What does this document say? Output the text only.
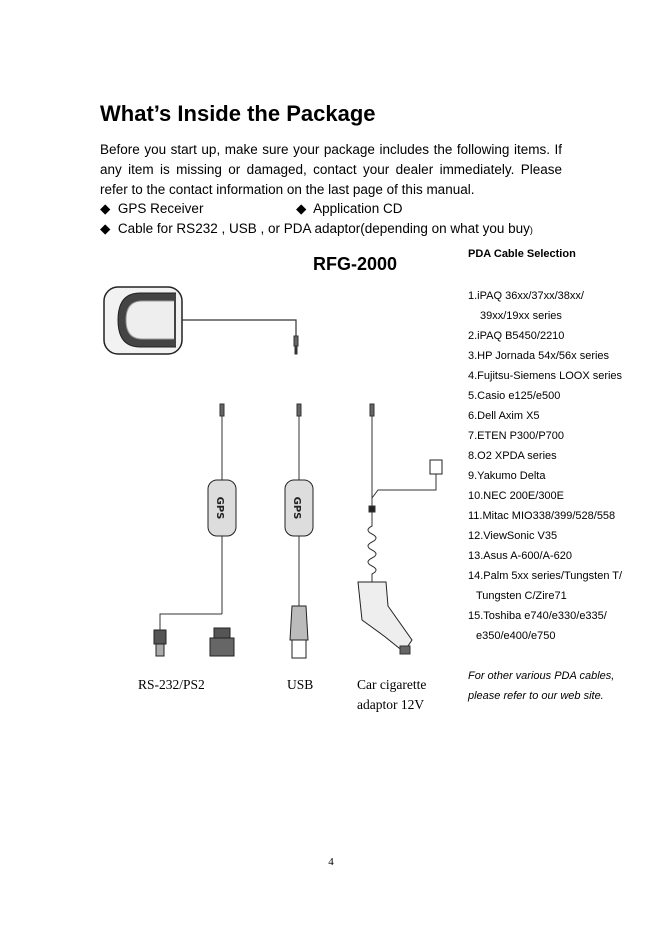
What’s Inside the Package
Before you start up, make sure your package includes the following items. If any item is missing or damaged, contact your dealer immediately. Please refer to the contact information on the last page of this manual.
◆ GPS Receiver	◆ Application CD
◆ Cable for RS232 , USB , or PDA adaptor(depending on what you buy)
RFG-2000
GPS	GPS
RS-232/PS2	USB	Car cigarette
adaptor 12V
PDA Cable Selection
1.iPAQ 36xx/37xx/38xx/
39xx/19xx series
2.iPAQ B5450/2210
3.HP Jornada 54x/56x series
4.Fujitsu-Siemens LOOX series
5.Casio e125/e500
6.Dell Axim X5
7.ETEN P300/P700
8.O2 XPDA series
9.Yakumo Delta
10.NEC 200E/300E
11.Mitac MIO338/399/528/558
12.ViewSonic V35
13.Asus A-600/A-620
14.Palm 5xx series/Tungsten T/
Tungsten C/Zire71
15.Toshiba e740/e330/e335/
e350/e400/e750
For other various PDA cables,
please refer to our web site.
4
